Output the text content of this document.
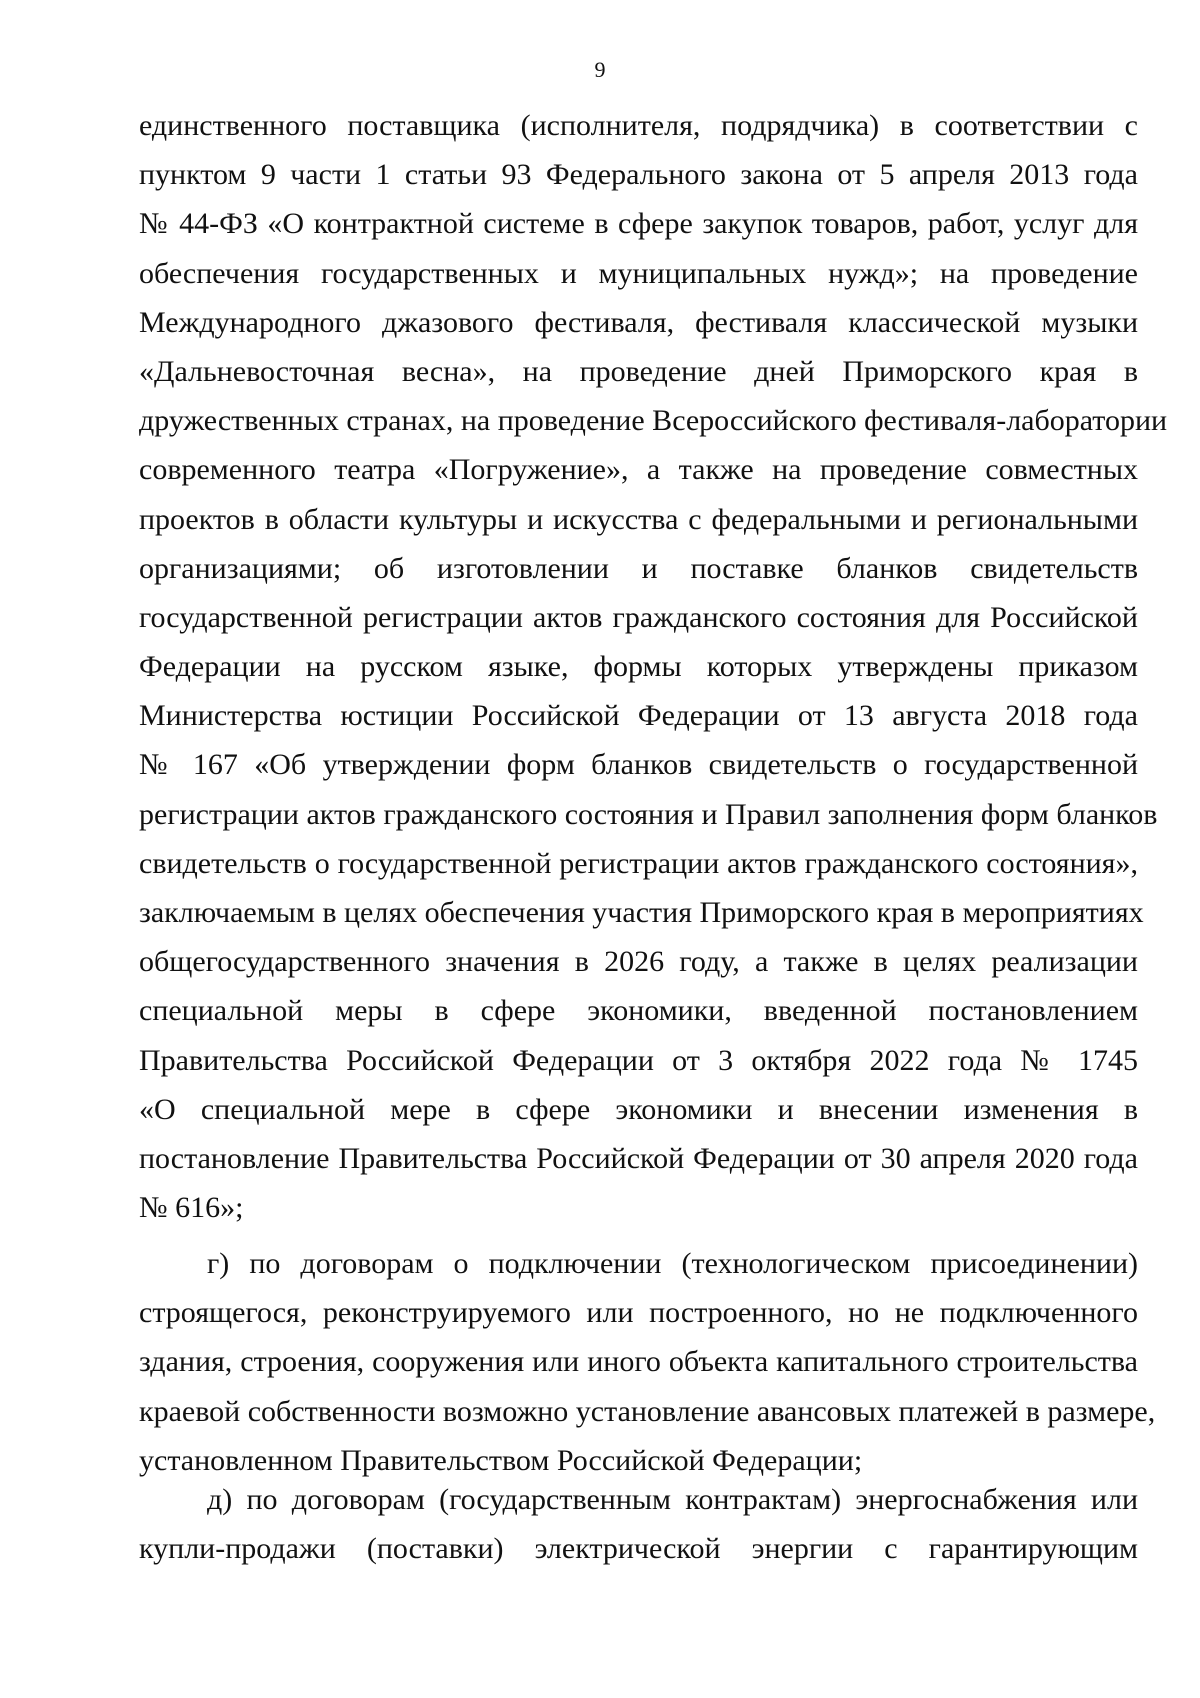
9
единственного поставщика (исполнителя, подрядчика) в соответствии с
пунктом 9 части 1 статьи 93 Федерального закона от 5 апреля 2013 года
№ 44-ФЗ «О контрактной системе в сфере закупок товаров, работ, услуг для
обеспечения государственных и муниципальных нужд»; на проведение
Международного джазового фестиваля, фестиваля классической музыки
«Дальневосточная весна», на проведение дней Приморского края в
дружественных странах, на проведение Всероссийского фестиваля-лаборатории
современного театра «Погружение», а также на проведение совместных
проектов в области культуры и искусства с федеральными и региональными
организациями; об изготовлении и поставке бланков свидетельств
государственной регистрации актов гражданского состояния для Российской
Федерации на русском языке, формы которых утверждены приказом
Министерства юстиции Российской Федерации от 13 августа 2018 года
№ 167 «Об утверждении форм бланков свидетельств о государственной
регистрации актов гражданского состояния и Правил заполнения форм бланков
свидетельств о государственной регистрации актов гражданского состояния»,
заключаемым в целях обеспечения участия Приморского края в мероприятиях
общегосударственного значения в 2026 году, а также в целях реализации
специальной меры в сфере экономики, введенной постановлением
Правительства Российской Федерации от 3 октября 2022 года № 1745
«О специальной мере в сфере экономики и внесении изменения в
постановление Правительства Российской Федерации от 30 апреля 2020 года
№ 616»;
г) по договорам о подключении (технологическом присоединении)
строящегося, реконструируемого или построенного, но не подключенного
здания, строения, сооружения или иного объекта капитального строительства
краевой собственности возможно установление авансовых платежей в размере,
установленном Правительством Российской Федерации;
д) по договорам (государственным контрактам) энергоснабжения или
купли-продажи (поставки) электрической энергии с гарантирующим
